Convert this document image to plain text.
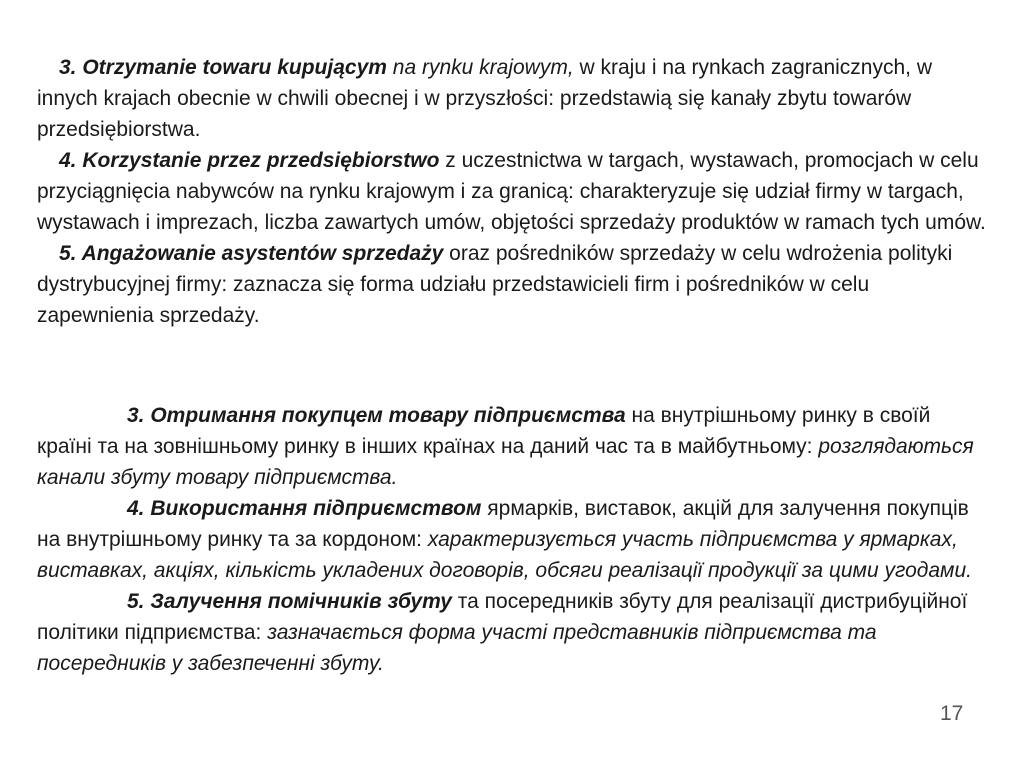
3. Otrzymanie towaru kupującym na rynku krajowym, w kraju i na rynkach zagranicznych, w innych krajach obecnie w chwili obecnej i w przyszłości: przedstawią się kanały zbytu towarów przedsiębiorstwa.

4. Korzystanie przez przedsiębiorstwo z uczestnictwa w targach, wystawach, promocjach w celu przyciągnięcia nabywców na rynku krajowym i za granicą: charakteryzuje się udział firmy w targach, wystawach i imprezach, liczba zawartych umów, objętości sprzedaży produktów w ramach tych umów.

5. Angażowanie asystentów sprzedaży oraz pośredników sprzedaży w celu wdrożenia polityki dystrybucyjnej firmy: zaznacza się forma udziału przedstawicieli firm i pośredników w celu zapewnienia sprzedaży.

3. Отримання покупцем товару підприємства на внутрішньому ринку в своїй країні та на зовнішньому ринку в інших країнах на даний час та в майбутньому: розглядаються канали збуту товару підприємства.

4. Використання підприємством ярмарків, виставок, акцій для залучення покупців на внутрішньому ринку та за кордоном: характеризується участь підприємства у ярмарках, виставках, акціях, кількість укладених договорів, обсяги реалізації продукції за цими угодами.

5. Залучення помічників збуту та посередників збуту для реалізації дистрибуційної політики підприємства: зазначається форма участі представників підприємства та посередників у забезпеченні збуту.

17
